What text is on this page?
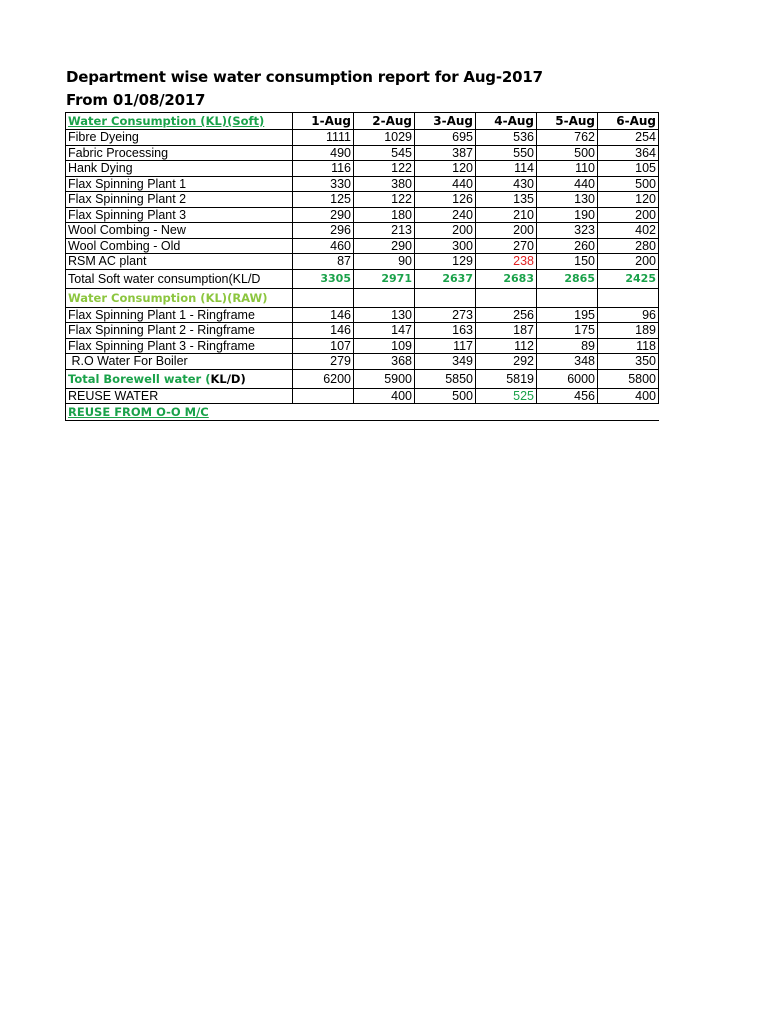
Department wise water consumption report for Aug-2017
From 01/08/2017
Water Consumption (KL)(Soft)	1-Aug	2-Aug	3-Aug	4-Aug	5-Aug	6-Aug
Fibre Dyeing	1111	1029	695	536	762	254
Fabric Processing	490	545	387	550	500	364
Hank Dying	116	122	120	114	110	105
Flax Spinning Plant 1	330	380	440	430	440	500
Flax Spinning Plant 2	125	122	126	135	130	120
Flax Spinning Plant 3	290	180	240	210	190	200
Wool Combing - New	296	213	200	200	323	402
Wool Combing - Old	460	290	300	270	260	280
RSM AC plant	87	90	129	238	150	200
Total Soft water consumption(KL/D	3305	2971	2637	2683	2865	2425
Water Consumption (KL)(RAW)						
Flax Spinning Plant 1 - Ringframe	146	130	273	256	195	96
Flax Spinning Plant 2 - Ringframe	146	147	163	187	175	189
Flax Spinning Plant 3 - Ringframe	107	109	117	112	89	118
R.O Water For Boiler	279	368	349	292	348	350
Total Borewell water (KL/D)	6200	5900	5850	5819	6000	5800
REUSE WATER		400	500	525	456	400
REUSE FROM O-O M/C						
